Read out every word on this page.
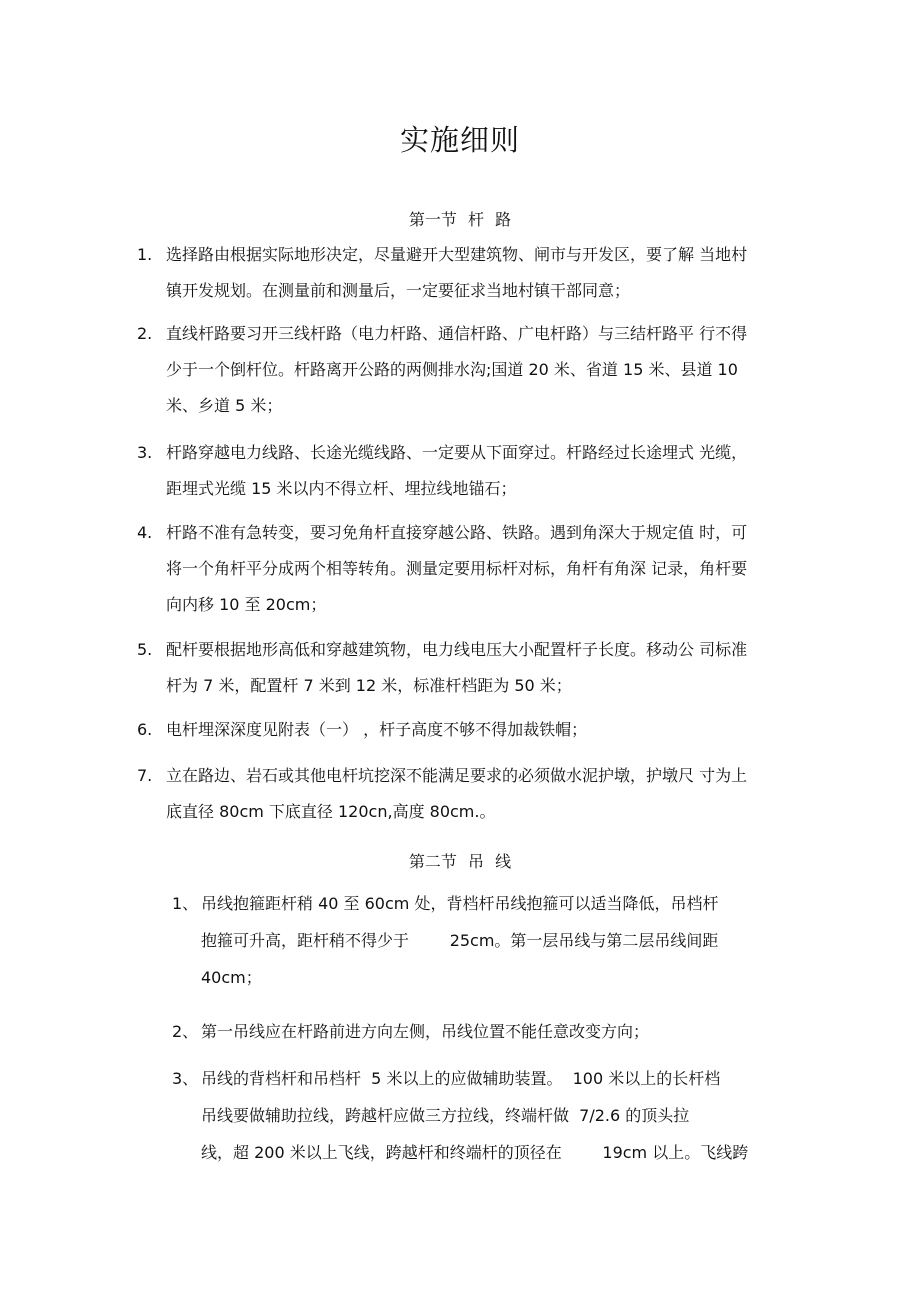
实施细则
第一节 杆 路
1. 选择路由根据实际地形决定，尽量避开大型建筑物、闸市与开发区，要了解 当地村
镇开发规划。在测量前和测量后，一定要征求当地村镇干部同意；
2. 直线杆路要习开三线杆路（电力杆路、通信杆路、广电杆路）与三结杆路平 行不得
少于一个倒杆位。杆路离开公路的两侧排水沟;国道 20 米、省道 15 米、县道 10
米、乡道 5 米；
3. 杆路穿越电力线路、长途光缆线路、一定要从下面穿过。杆路经过长途埋式 光缆，
距埋式光缆 15 米以内不得立杆、埋拉线地锚石；
4. 杆路不准有急转变，要习免角杆直接穿越公路、铁路。遇到角深大于规定值 时，可
将一个角杆平分成两个相等转角。测量定要用标杆对标，角杆有角深 记录，角杆要
向内移 10 至 20cm；
5. 配杆要根据地形高低和穿越建筑物，电力线电压大小配置杆子长度。移动公 司标准
杆为 7 米，配置杆 7 米到 12 米，标准杆档距为 50 米；
6. 电杆埋深深度见附表（一） ，杆子高度不够不得加裁铁帽；
7. 立在路边、岩石或其他电杆坑挖深不能满足要求的必须做水泥护墩，护墩尺 寸为上
底直径 80cm 下底直径 120cn,高度 80cm.。
第二节 吊 线
1、 吊线抱箍距杆稍 40 至 60cm 处，背档杆吊线抱箍可以适当降低，吊档杆
抱箍可升高，距杆稍不得少于        25cm。第一层吊线与第二层吊线间距
40cm；
2、 第一吊线应在杆路前进方向左侧，吊线位置不能任意改变方向；
3、 吊线的背档杆和吊档杆  5 米以上的应做辅助装置。  100 米以上的长杆档
吊线要做辅助拉线，跨越杆应做三方拉线，终端杆做  7/2.6 的顶头拉
线，超 200 米以上飞线，跨越杆和终端杆的顶径在        19cm 以上。飞线跨
